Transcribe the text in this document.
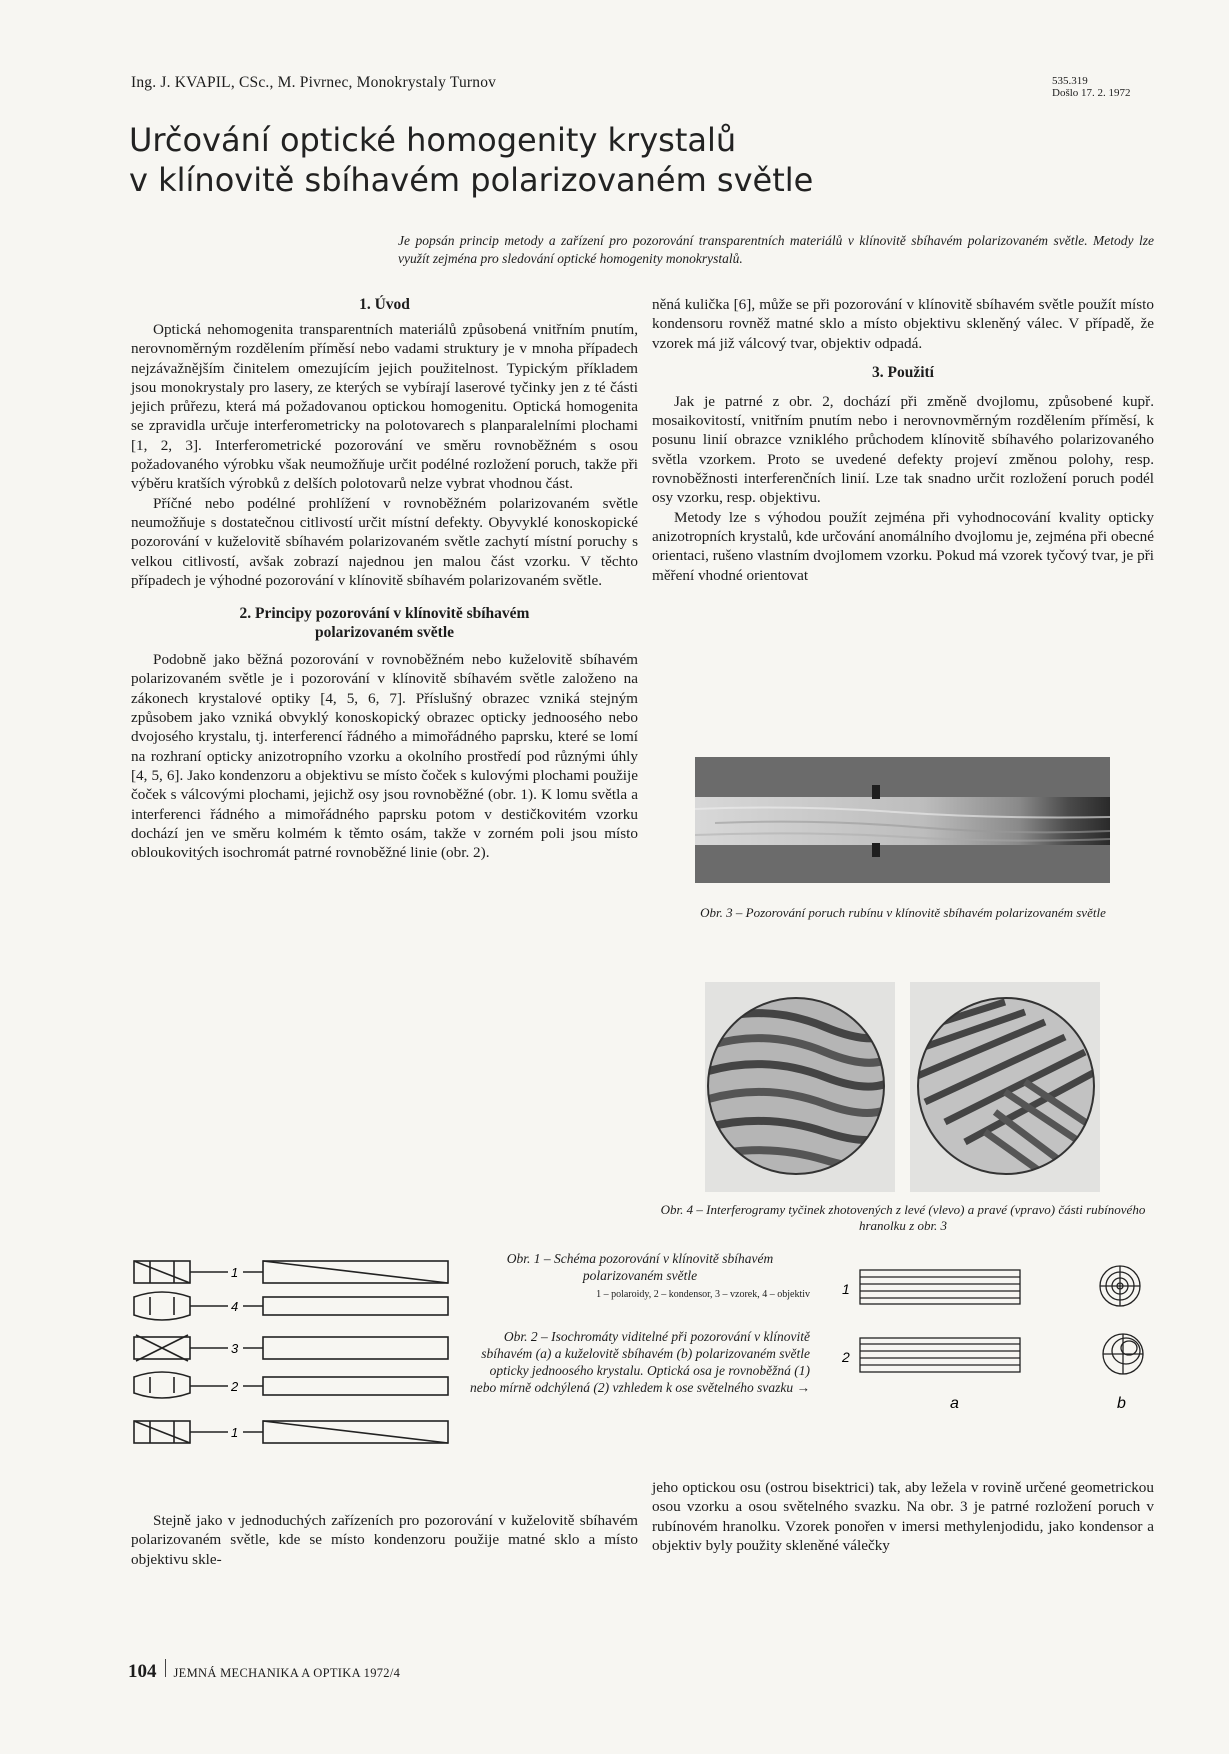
Ing. J. KVAPIL, CSc., M. Pivrnec, Monokrystaly Turnov	535.319
Došlo 17. 2. 1972
Určování optické homogenity krystalů
v klínovitě sbíhavém polarizovaném světle
Je popsán princip metody a zařízení pro pozorování transparentních materiálů v klínovitě sbíhavém polarizovaném světle. Metody lze využít zejména pro sledování optické homogenity monokrystalů.
1. Úvod

Optická nehomogenita transparentních materiálů způsobená vnitřním pnutím, nerovnoměrným rozdělením příměsí nebo vadami struktury je v mnoha případech nejzávažnějším činitelem omezujícím jejich použitelnost. Typickým příkladem jsou monokrystaly pro lasery, ze kterých se vybírají laserové tyčinky jen z té části jejich průřezu, která má požadovanou optickou homogenitu. Optická homogenita se zpravidla určuje interferometricky na polotovarech s planparalelními plochami [1, 2, 3]. Interferometrické pozorování ve směru rovnoběžném s osou požadovaného výrobku však neumožňuje určit podélné rozložení poruch, takže při výběru kratších výrobků z delších polotovarů nelze vybrat vhodnou část.

Příčné nebo podélné prohlížení v rovnoběžném polarizovaném světle neumožňuje s dostatečnou citlivostí určit místní defekty. Obyvyklé konoskopické pozorování v kuželovitě sbíhavém polarizovaném světle zachytí místní poruchy s velkou citlivostí, avšak zobrazí najednou jen malou část vzorku. V těchto případech je výhodné pozorování v klínovitě sbíhavém polarizovaném světle.

2. Principy pozorování v klínovitě sbíhavém
polarizovaném světle

Podobně jako běžná pozorování v rovnoběžném nebo kuželovitě sbíhavém polarizovaném světle je i pozorování v klínovitě sbíhavém světle založeno na zákonech krystalové optiky [4, 5, 6, 7]. Příslušný obrazec vzniká stejným způsobem jako vzniká obvyklý konoskopický obrazec opticky jednoosého nebo dvojosého krystalu, tj. interferencí řádného a mimořádného paprsku, které se lomí na rozhraní opticky anizotropního vzorku a okolního prostředí pod různými úhly [4, 5, 6]. Jako kondenzoru a objektivu se místo čoček s kulovými plochami použije čoček s válcovými plochami, jejichž osy jsou rovnoběžné (obr. 1). K lomu světla a interferenci řádného a mimořádného paprsku potom v destičkovitém vzorku dochází jen ve směru kolmém k těmto osám, takže v zorném poli jsou místo obloukovitých isochromát patrné rovnoběžné linie (obr. 2).

něná kulička [6], může se při pozorování v klínovitě sbíhavém světle použít místo kondensoru rovněž matné sklo a místo objektivu skleněný válec. V případě, že vzorek má již válcový tvar, objektiv odpadá.

3. Použití

Jak je patrné z obr. 2, dochází při změně dvojlomu, způsobené kupř. mosaikovitostí, vnitřním pnutím nebo i nerovnovměrným rozdělením příměsí, k posunu linií obrazce vzniklého průchodem klínovitě sbíhavého polarizovaného světla vzorkem. Proto se uvedené defekty projeví změnou polohy, resp. rovnoběžnosti interferenčních linií. Lze tak snadno určit rozložení poruch podél osy vzorku, resp. objektivu.

Metody lze s výhodou použít zejména při vyhodnocování kvality opticky anizotropních krystalů, kde určování anomálního dvojlomu je, zejména při obecné orientaci, rušeno vlastním dvojlomem vzorku. Pokud má vzorek tyčový tvar, je při měření vhodné orientovat

Obr. 3 – Pozorování poruch rubínu v klínovitě sbíhavém polarizovaném světle
Obr. 4 – Interferogramy tyčinek zhotovených z levé (vlevo) a pravé (vpravo) části rubínového hranolku z obr. 3
1
4
3
2
1
Obr. 1 – Schéma pozorování v klínovitě sbíhavém polarizovaném světle
1 – polaroidy, 2 – kondensor, 3 – vzorek, 4 – objektiv
Obr. 2 – Isochromáty viditelné při pozorování v klínovitě sbíhavém (a) a kuželovitě sbíhavém (b) polarizovaném světle opticky jednoosého krystalu. Optická osa je rovnoběžná (1) nebo mírně odchýlená (2) vzhledem k ose světelného svazku →
1
2
a	b

Stejně jako v jednoduchých zařízeních pro pozorování v kuželovitě sbíhavém polarizovaném světle, kde se místo kondenzoru použije matné sklo a místo objektivu skle-

jeho optickou osu (ostrou bisektrici) tak, aby ležela v rovině určené geometrickou osou vzorku a osou světelného svazku. Na obr. 3 je patrné rozložení poruch v rubínovém hranolku. Vzorek ponořen v imersi methylenjodidu, jako kondensor a objektiv byly použity skleněné válečky

104 JEMNÁ MECHANIKA A OPTIKA 1972/4
